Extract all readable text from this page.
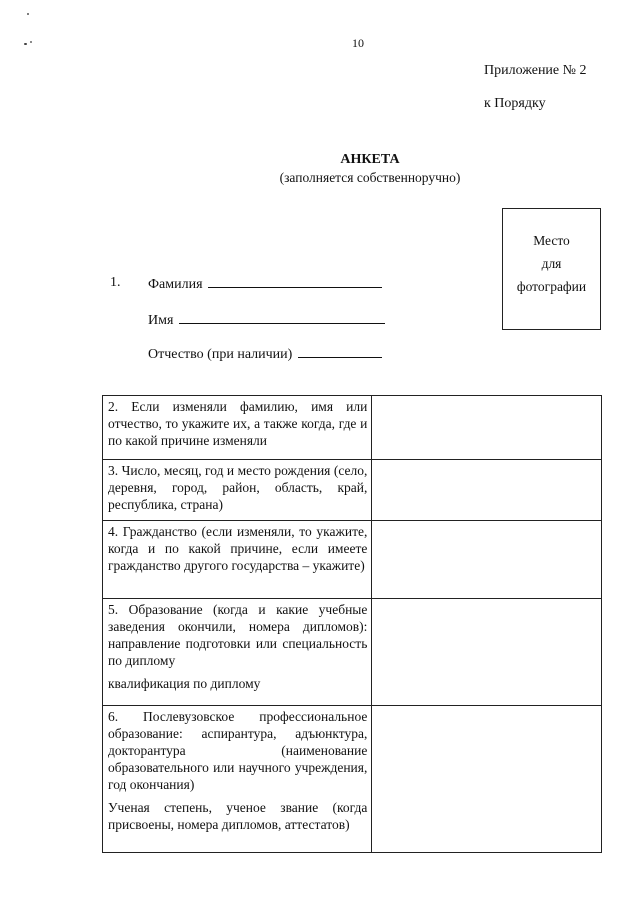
10
Приложение № 2
к Порядку
АНКЕТА
(заполняется собственноручно)
Место
для
фотографии
1. Фамилия
Имя
Отчество (при наличии)

2. Если изменяли фамилию, имя или отчество, то укажите их, а также когда, где и по какой причине изменяли	

3. Число, месяц, год и место рождения (село, деревня, город, район, область, край, республика, страна)	

4. Гражданство (если изменяли, то укажите, когда и по какой причине, если имеете гражданство другого государства – укажите)	

5. Образование (когда и какие учебные заведения окончили, номера дипломов): направление подготовки или специальность по диплому

квалификация по диплому	

6. Послевузовское профессиональное образование: аспирантура, адъюнктура, докторантура (наименование образовательного или научного учреждения, год окончания)

Ученая степень, ученое звание (когда присвоены, номера дипломов, аттестатов)	
